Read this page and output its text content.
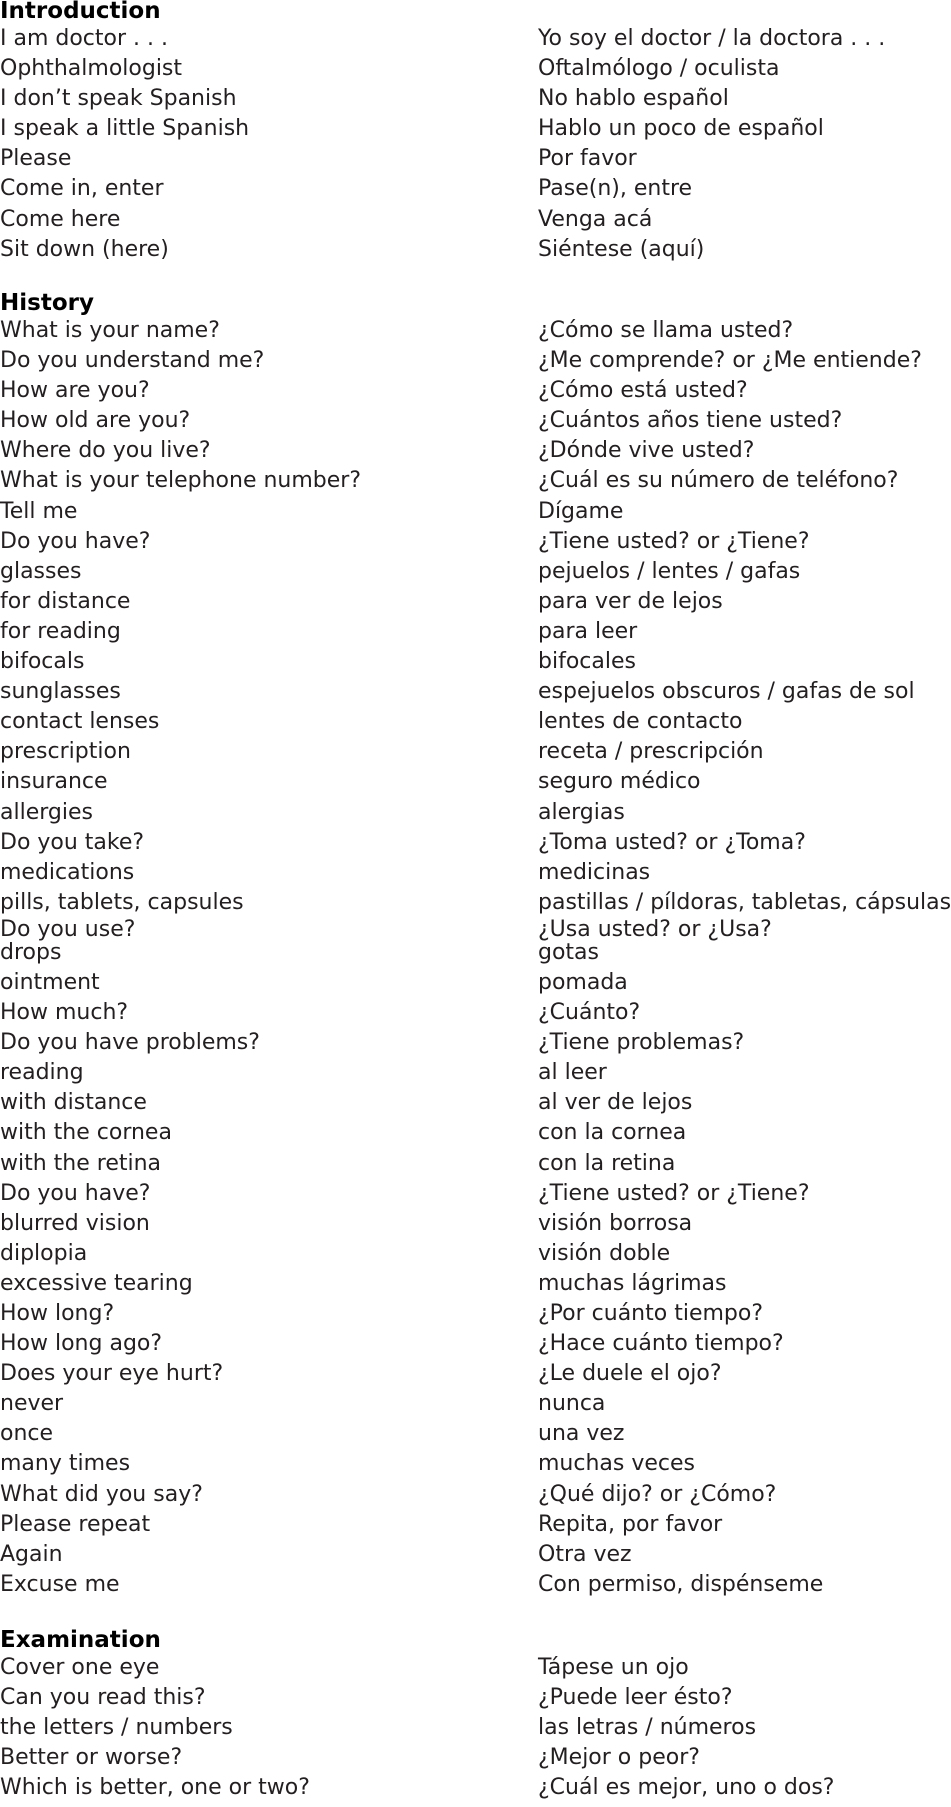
Introduction
I am doctor . . .	Yo soy el doctor / la doctora . . .
Ophthalmologist	Oftalmólogo / oculista
I don’t speak Spanish	No hablo español
I speak a little Spanish	Hablo un poco de español
Please	Por favor
Come in, enter	Pase(n), entre
Come here	Venga acá
Sit down (here)	Siéntese (aquí)
History
What is your name?	¿Cómo se llama usted?
Do you understand me?	¿Me comprende? or ¿Me entiende?
How are you?	¿Cómo está usted?
How old are you?	¿Cuántos años tiene usted?
Where do you live?	¿Dónde vive usted?
What is your telephone number?	¿Cuál es su número de teléfono?
Tell me	Dígame
Do you have?	¿Tiene usted? or ¿Tiene?
glasses	pejuelos / lentes / gafas
for distance	para ver de lejos
for reading	para leer
bifocals	bifocales
sunglasses	espejuelos obscuros / gafas de sol
contact lenses	lentes de contacto
prescription	receta / prescripción
insurance	seguro médico
allergies	alergias
Do you take?	¿Toma usted? or ¿Toma?
medications	medicinas
pills, tablets, capsules	pastillas / píldoras, tabletas, cápsulas
Do you use?	¿Usa usted? or ¿Usa?
drops	gotas
ointment	pomada
How much?	¿Cuánto?
Do you have problems?	¿Tiene problemas?
reading	al leer
with distance	al ver de lejos
with the cornea	con la cornea
with the retina	con la retina
Do you have?	¿Tiene usted? or ¿Tiene?
blurred vision	visión borrosa
diplopia	visión doble
excessive tearing	muchas lágrimas
How long?	¿Por cuánto tiempo?
How long ago?	¿Hace cuánto tiempo?
Does your eye hurt?	¿Le duele el ojo?
never	nunca
once	una vez
many times	muchas veces
What did you say?	¿Qué dijo? or ¿Cómo?
Please repeat	Repita, por favor
Again	Otra vez
Excuse me	Con permiso, dispénseme
Examination
Cover one eye	Tápese un ojo
Can you read this?	¿Puede leer ésto?
the letters / numbers	las letras / números
Better or worse?	¿Mejor o peor?
Which is better, one or two?	¿Cuál es mejor, uno o dos?
